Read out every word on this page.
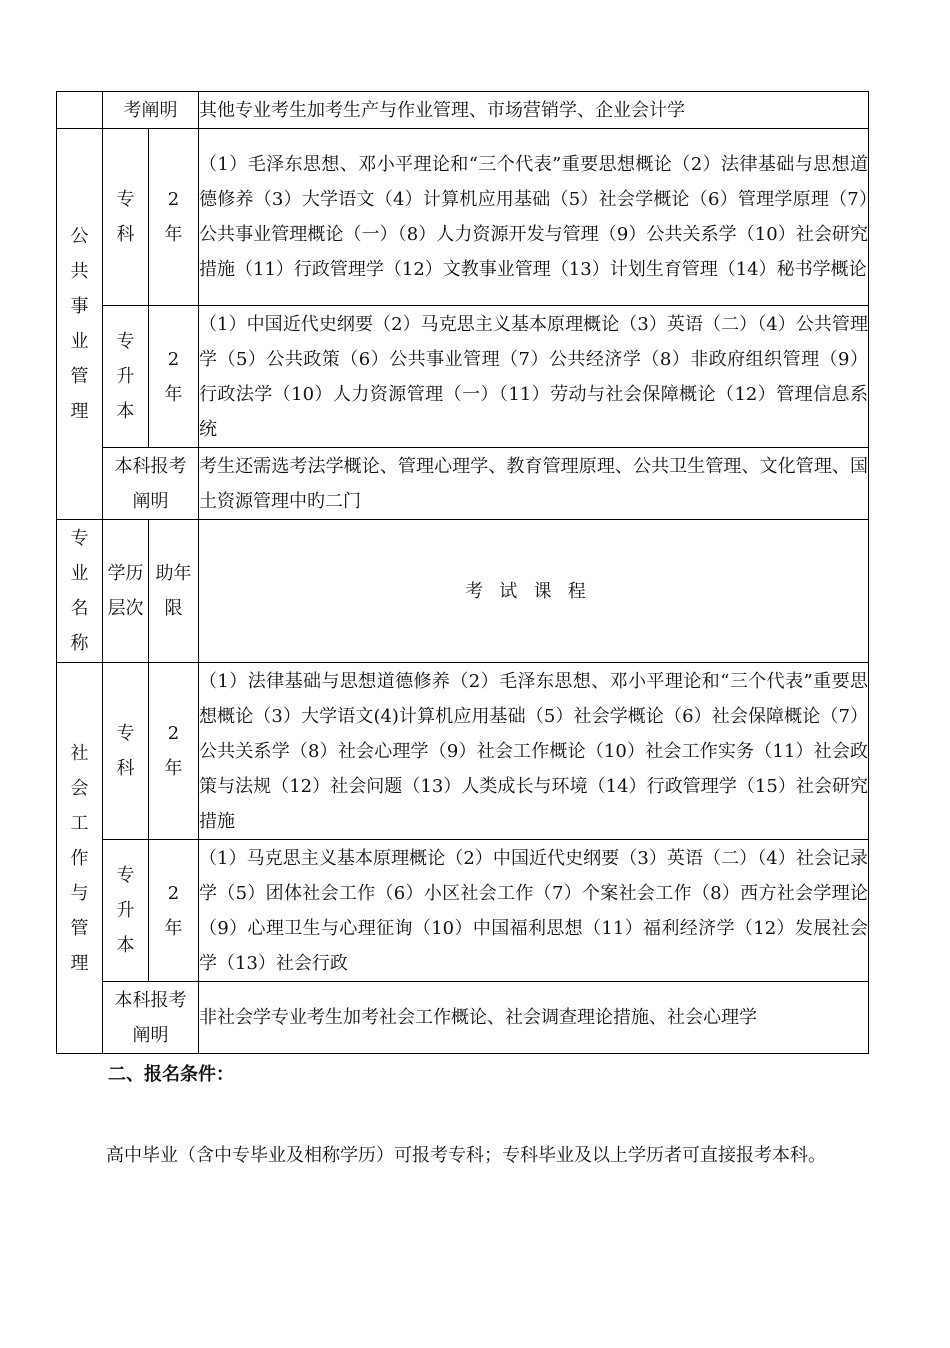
	考阐明		其他专业考生加考生产与作业管理、市场营销学、企业会计学

公共事业管理	专科	2年	（1）毛泽东思想、邓小平理论和“三个代表”重要思想概论（2）法律基础与思想道德修养（3）大学语文（4）计算机应用基础（5）社会学概论（6）管理学原理（7）公共事业管理概论（一）（8）人力资源开发与管理（9）公共关系学（10）社会研究措施（11）行政管理学（12）文教事业管理（13）计划生育管理（14）秘书学概论

	专升本	2年	（1）中国近代史纲要（2）马克思主义基本原理概论（3）英语（二）（4）公共管理学（5）公共政策（6）公共事业管理（7）公共经济学（8）非政府组织管理（9）行政法学（10）人力资源管理（一）（11）劳动与社会保障概论（12）管理信息系统

	本科报考阐明		考生还需选考法学概论、管理心理学、教育管理原理、公共卫生管理、文化管理、国土资源管理中旳二门

专业名称	学历层次	助年限	考试课程

社会工作与管理	专科	2年	（1）法律基础与思想道德修养（2）毛泽东思想、邓小平理论和“三个代表”重要思想概论（3）大学语文(4)计算机应用基础（5）社会学概论（6）社会保障概论（7）公共关系学（8）社会心理学（9）社会工作概论（10）社会工作实务（11）社会政策与法规（12）社会问题（13）人类成长与环境（14）行政管理学（15）社会研究措施

	专升本	2年	（1）马克思主义基本原理概论（2）中国近代史纲要（3）英语（二）（4）社会记录学（5）团体社会工作（6）小区社会工作（7）个案社会工作（8）西方社会学理论（9）心理卫生与心理征询（10）中国福利思想（11）福利经济学（12）发展社会学（13）社会行政

	本科报考阐明		非社会学专业考生加考社会工作概论、社会调查理论措施、社会心理学
二、报名条件：
高中毕业（含中专毕业及相称学历）可报考专科；专科毕业及以上学历者可直接报考本科。
